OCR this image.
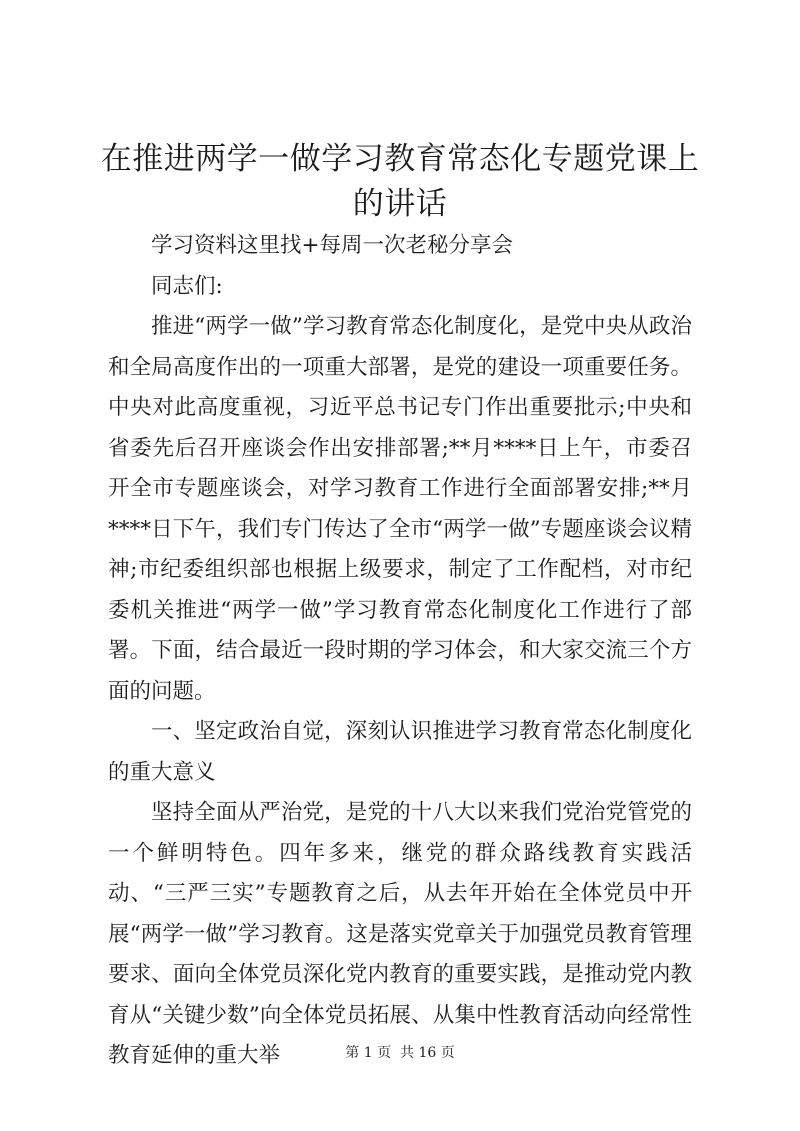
在推进两学一做学习教育常态化专题党课上的讲话

学习资料这里找+每周一次老秘分享会

同志们:

推进“两学一做”学习教育常态化制度化，是党中央从政治和全局高度作出的一项重大部署，是党的建设一项重要任务。中央对此高度重视，习近平总书记专门作出重要批示;中央和省委先后召开座谈会作出安排部署;**月****日上午，市委召开全市专题座谈会，对学习教育工作进行全面部署安排;**月****日下午，我们专门传达了全市“两学一做”专题座谈会议精神;市纪委组织部也根据上级要求，制定了工作配档，对市纪委机关推进“两学一做”学习教育常态化制度化工作进行了部署。下面，结合最近一段时期的学习体会，和大家交流三个方面的问题。

一、坚定政治自觉，深刻认识推进学习教育常态化制度化的重大意义

坚持全面从严治党，是党的十八大以来我们党治党管党的一个鲜明特色。四年多来，继党的群众路线教育实践活动、“三严三实”专题教育之后，从去年开始在全体党员中开展“两学一做”学习教育。这是落实党章关于加强党员教育管理要求、面向全体党员深化党内教育的重要实践，是推动党内教育从“关键少数”向全体党员拓展、从集中性教育活动向经常性教育延伸的重大举	第 1 页  共 16 页
